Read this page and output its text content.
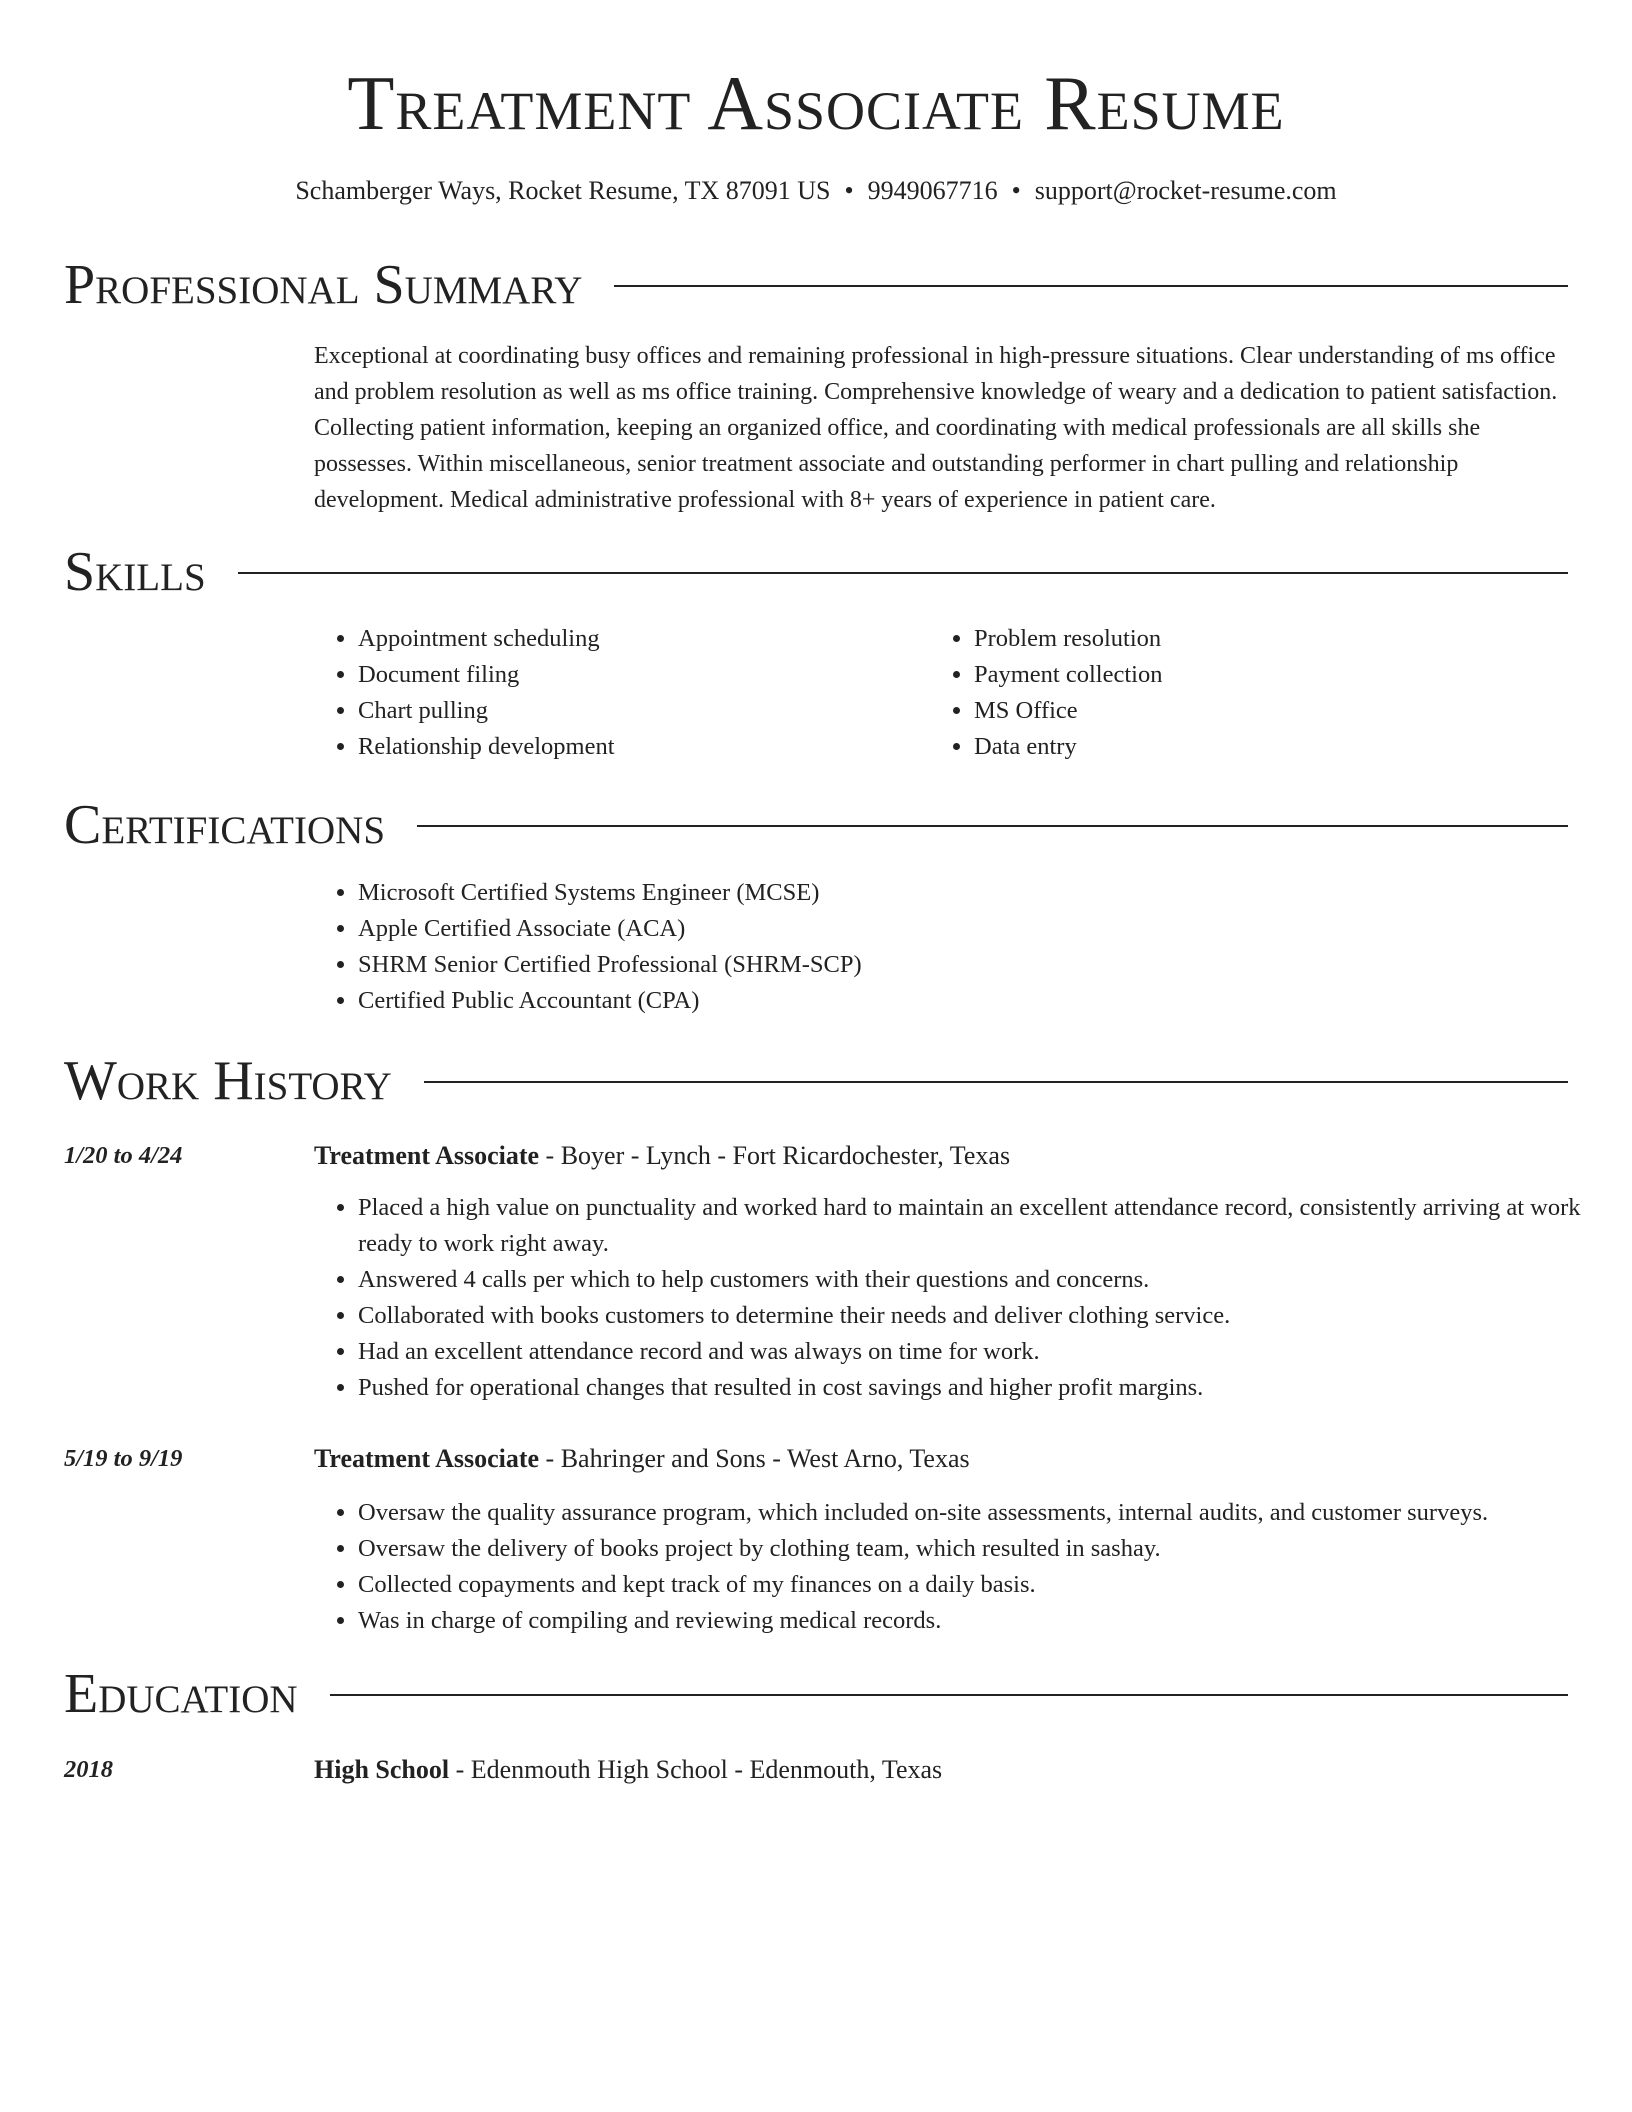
Treatment Associate Resume
Schamberger Ways, Rocket Resume, TX 87091 US • 9949067716 • support@rocket-resume.com
Professional Summary

Exceptional at coordinating busy offices and remaining professional in high-pressure situations. Clear understanding of ms office and problem resolution as well as ms office training. Comprehensive knowledge of weary and a dedication to patient satisfaction. Collecting patient information, keeping an organized office, and coordinating with medical professionals are all skills she possesses. Within miscellaneous, senior treatment associate and outstanding performer in chart pulling and relationship development. Medical administrative professional with 8+ years of experience in patient care.

Skills
• Appointment scheduling
• Document filing
• Chart pulling
• Relationship development
• Problem resolution
• Payment collection
• MS Office
• Data entry
Certifications
• Microsoft Certified Systems Engineer (MCSE)
• Apple Certified Associate (ACA)
• SHRM Senior Certified Professional (SHRM-SCP)
• Certified Public Accountant (CPA)
Work History
1/20 to 4/24	Treatment Associate - Boyer - Lynch - Fort Ricardochester, Texas
• Placed a high value on punctuality and worked hard to maintain an excellent attendance record, consistently arriving at work ready to work right away.
• Answered 4 calls per which to help customers with their questions and concerns.
• Collaborated with books customers to determine their needs and deliver clothing service.
• Had an excellent attendance record and was always on time for work.
• Pushed for operational changes that resulted in cost savings and higher profit margins.
5/19 to 9/19	Treatment Associate - Bahringer and Sons - West Arno, Texas
• Oversaw the quality assurance program, which included on-site assessments, internal audits, and customer surveys.
• Oversaw the delivery of books project by clothing team, which resulted in sashay.
• Collected copayments and kept track of my finances on a daily basis.
• Was in charge of compiling and reviewing medical records.
Education
2018	High School - Edenmouth High School - Edenmouth, Texas
